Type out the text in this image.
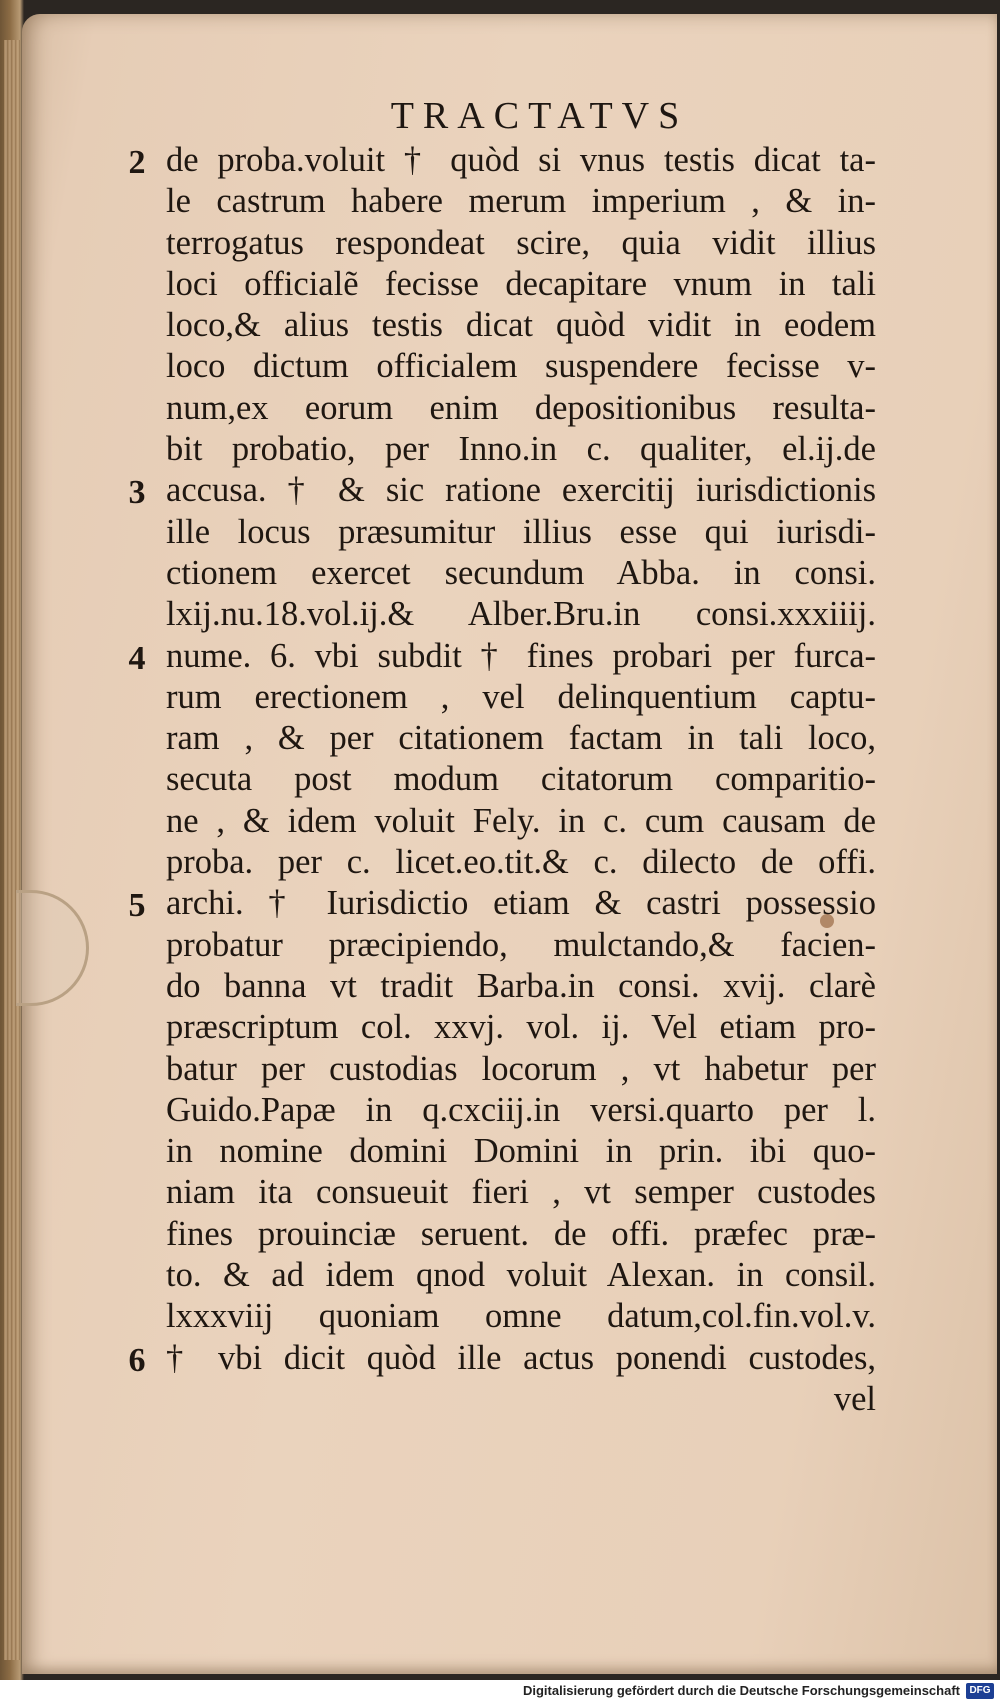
TRACTATVS
de proba.voluit † quòd si vnus testis dicat ta-
le castrum habere merum imperium , & in-
terrogatus respondeat scire, quia vidit illius
loci officialẽ fecisse decapitare vnum in tali
loco,& alius testis dicat quòd vidit in eodem
loco dictum officialem suspendere fecisse v-
num,ex eorum enim depositionibus resulta-
bit probatio, per Inno.in c. qualiter, el.ij.de
accusa. † & sic ratione exercitij iurisdictionis
ille locus præsumitur illius esse qui iurisdi-
ctionem exercet secundum Abba. in consi.
lxij.nu.18.vol.ij.& Alber.Bru.in consi.xxxiiij.
nume. 6. vbi subdit † fines probari per furca-
rum erectionem , vel delinquentium captu-
ram , & per citationem factam in tali loco,
secuta post modum citatorum comparitio-
ne , & idem voluit Fely. in c. cum causam de
proba. per c. licet.eo.tit.& c. dilecto de offi.
archi. † Iurisdictio etiam & castri possessio
probatur præcipiendo, mulctando,& facien-
do banna vt tradit Barba.in consi. xvij. clarè
præscriptum col. xxvj. vol. ij. Vel etiam pro-
batur per custodias locorum , vt habetur per
Guido.Papæ in q.cxciij.in versi.quarto per l.
in nomine domini Domini in prin. ibi quo-
niam ita consueuit fieri , vt semper custodes
fines prouinciæ seruent. de offi. præfec præ-
to. & ad idem qnod voluit Alexan. in consil.
lxxxviij quoniam omne datum,col.fin.vol.v.
† vbi dicit quòd ille actus ponendi custodes,
vel
2
3
4
5
6
Digitalisierung gefördert durch die Deutsche Forschungsgemeinschaft DFG
